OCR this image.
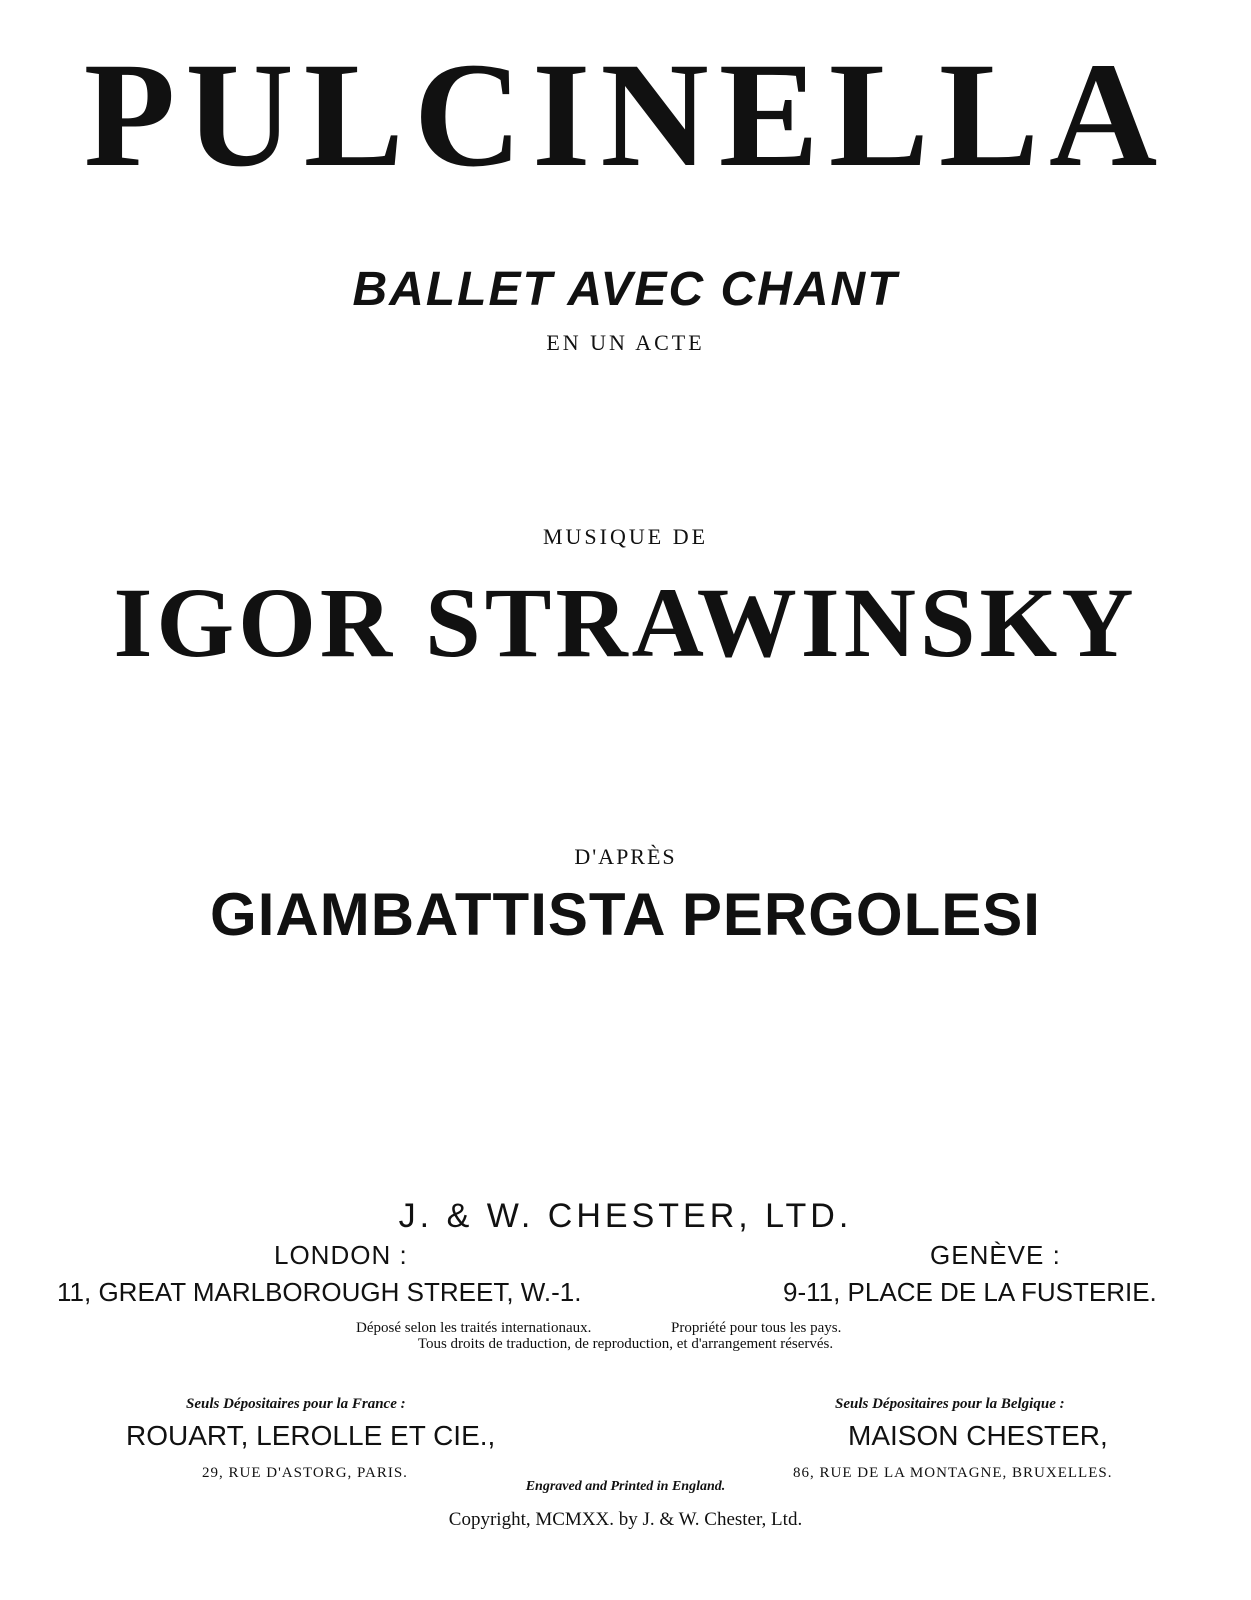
PULCINELLA
BALLET AVEC CHANT
EN UN ACTE
MUSIQUE DE
IGOR STRAWINSKY
D'APRÈS
GIAMBATTISTA PERGOLESI
J. & W. CHESTER, LTD.
LONDON :	GENÈVE :
11, GREAT MARLBOROUGH STREET, W.-1.	9-11, PLACE DE LA FUSTERIE.
Déposé selon les traités internationaux.	Propriété pour tous les pays.
Tous droits de traduction, de reproduction, et d'arrangement réservés.
Seuls Dépositaires pour la France :	Seuls Dépositaires pour la Belgique :
ROUART, LEROLLE ET CIE.,	MAISON CHESTER,
29, RUE D'ASTORG, PARIS.	86, RUE DE LA MONTAGNE, BRUXELLES.
Engraved and Printed in England.
Copyright, MCMXX. by J. & W. Chester, Ltd.
